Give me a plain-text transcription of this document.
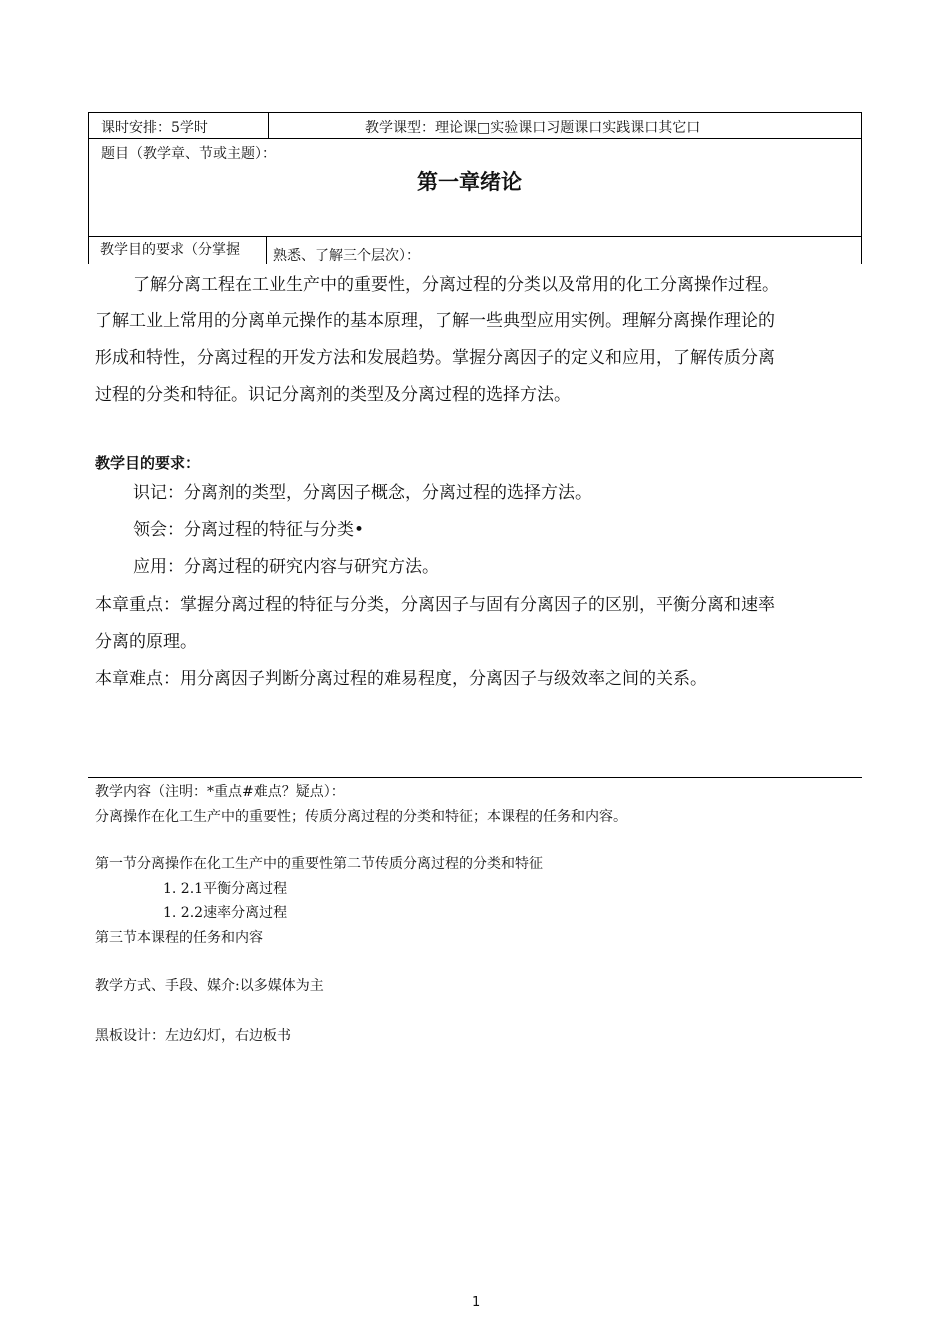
课时安排：5学时	教学课型：理论课□实验课口习题课口实践课口其它口
题目（教学章、节或主题）：
第一章绪论
教学目的要求（分掌握 熟悉、了解三个层次）：
了解分离工程在工业生产中的重要性，分离过程的分类以及常用的化工分离操作过程。
了解工业上常用的分离单元操作的基本原理，了解一些典型应用实例。理解分离操作理论的
形成和特性，分离过程的开发方法和发展趋势。掌握分离因子的定义和应用，了解传质分离
过程的分类和特征。识记分离剂的类型及分离过程的选择方法。
教学目的要求：
识记：分离剂的类型，分离因子概念，分离过程的选择方法。
领会：分离过程的特征与分类•
应用：分离过程的研究内容与研究方法。
本章重点：掌握分离过程的特征与分类，分离因子与固有分离因子的区别，平衡分离和速率
分离的原理。
本章难点：用分离因子判断分离过程的难易程度，分离因子与级效率之间的关系。
教学内容（注明：*重点#难点？疑点）：
分离操作在化工生产中的重要性；传质分离过程的分类和特征；本课程的任务和内容。
第一节分离操作在化工生产中的重要性第二节传质分离过程的分类和特征
1. 2.1平衡分离过程
1. 2.2速率分离过程
第三节本课程的任务和内容
教学方式、手段、媒介:以多媒体为主
黑板设计：左边幻灯，右边板书
1
